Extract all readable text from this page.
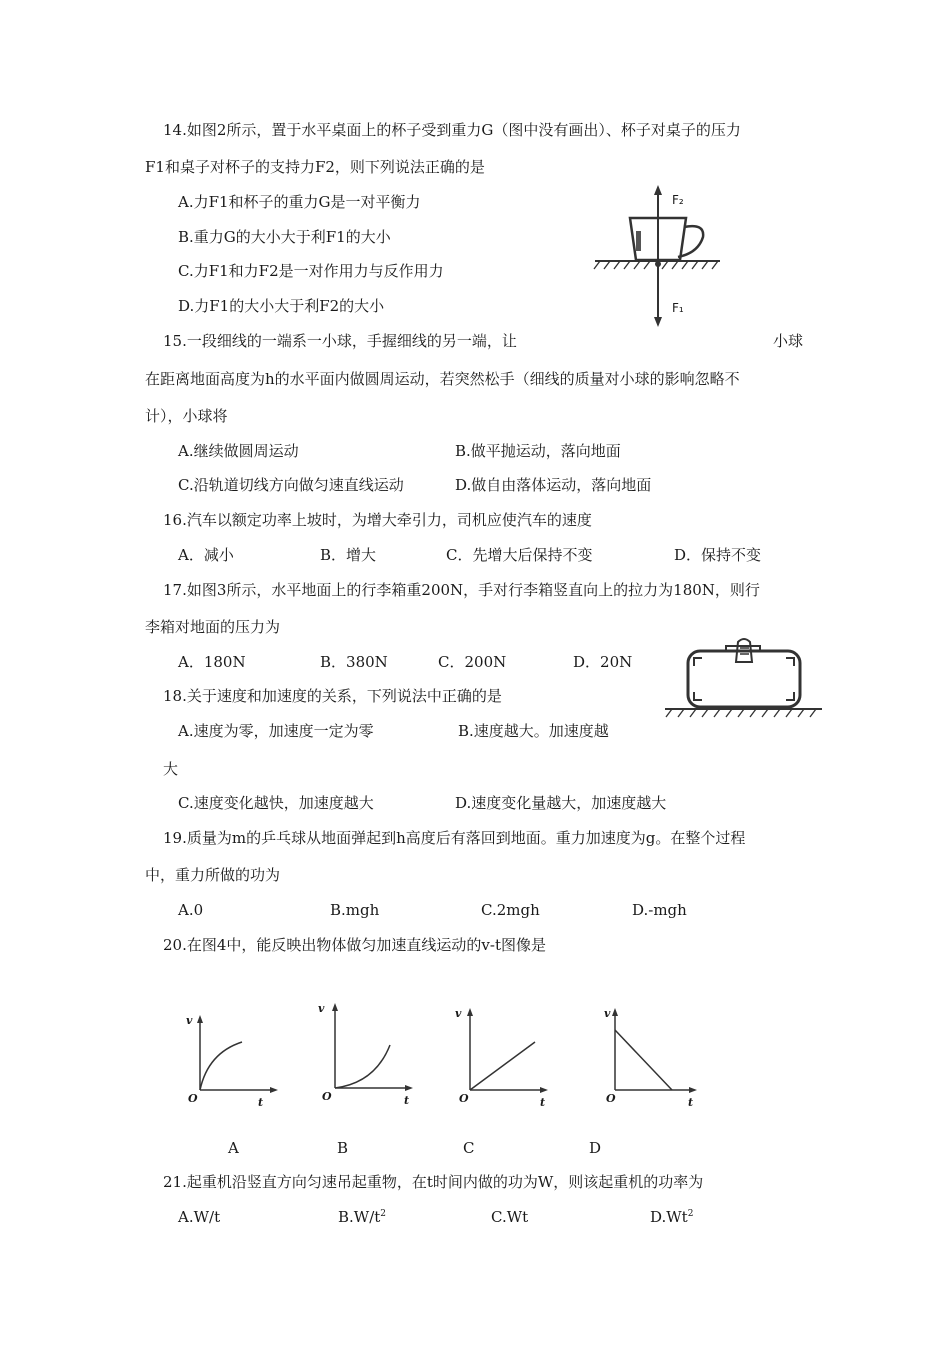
14.如图2所示，置于水平桌面上的杯子受到重力G（图中没有画出）、杯子对桌子的压力
F1和桌子对杯子的支持力F2，则下列说法正确的是
A.力F1和杯子的重力G是一对平衡力
B.重力G的大小大于利F1的大小
C.力F1和力F2是一对作用力与反作用力
D.力F1的大小大于利F2的大小
F₂
F₁
15.一段细线的一端系一小球，手握细线的另一端，让	小球
在距离地面高度为h的水平面内做圆周运动，若突然松手（细线的质量对小球的影响忽略不
计），小球将
A.继续做圆周运动	B.做平抛运动，落向地面
C.沿轨道切线方向做匀速直线运动	D.做自由落体运动，落向地面
16.汽车以额定功率上坡时，为增大牵引力，司机应使汽车的速度
A．减小	B．增大	C．先增大后保持不变	D．保持不变
17.如图3所示，水平地面上的行李箱重200N，手对行李箱竖直向上的拉力为180N，则行
李箱对地面的压力为
A．180N	B．380N	C．200N	D．20N
18.关于速度和加速度的关系，下列说法中正确的是
A.速度为零，加速度一定为零	B.速度越大。加速度越
大
C.速度变化越快，加速度越大	D.速度变化量越大，加速度越大
19.质量为m的乒乓球从地面弹起到h高度后有落回到地面。重力加速度为g。在整个过程
中，重力所做的功为
A.0	B.mgh	C.2mgh	D.-mgh
20.在图4中，能反映出物体做匀加速直线运动的v-t图像是
v
O	t
v
O	t
v
O	t
v
O	t
A	B	C	D
21.起重机沿竖直方向匀速吊起重物，在t时间内做的功为W，则该起重机的功率为
A.W/t	$B.W/t^2$	C.Wt	D.Wt$^2$
